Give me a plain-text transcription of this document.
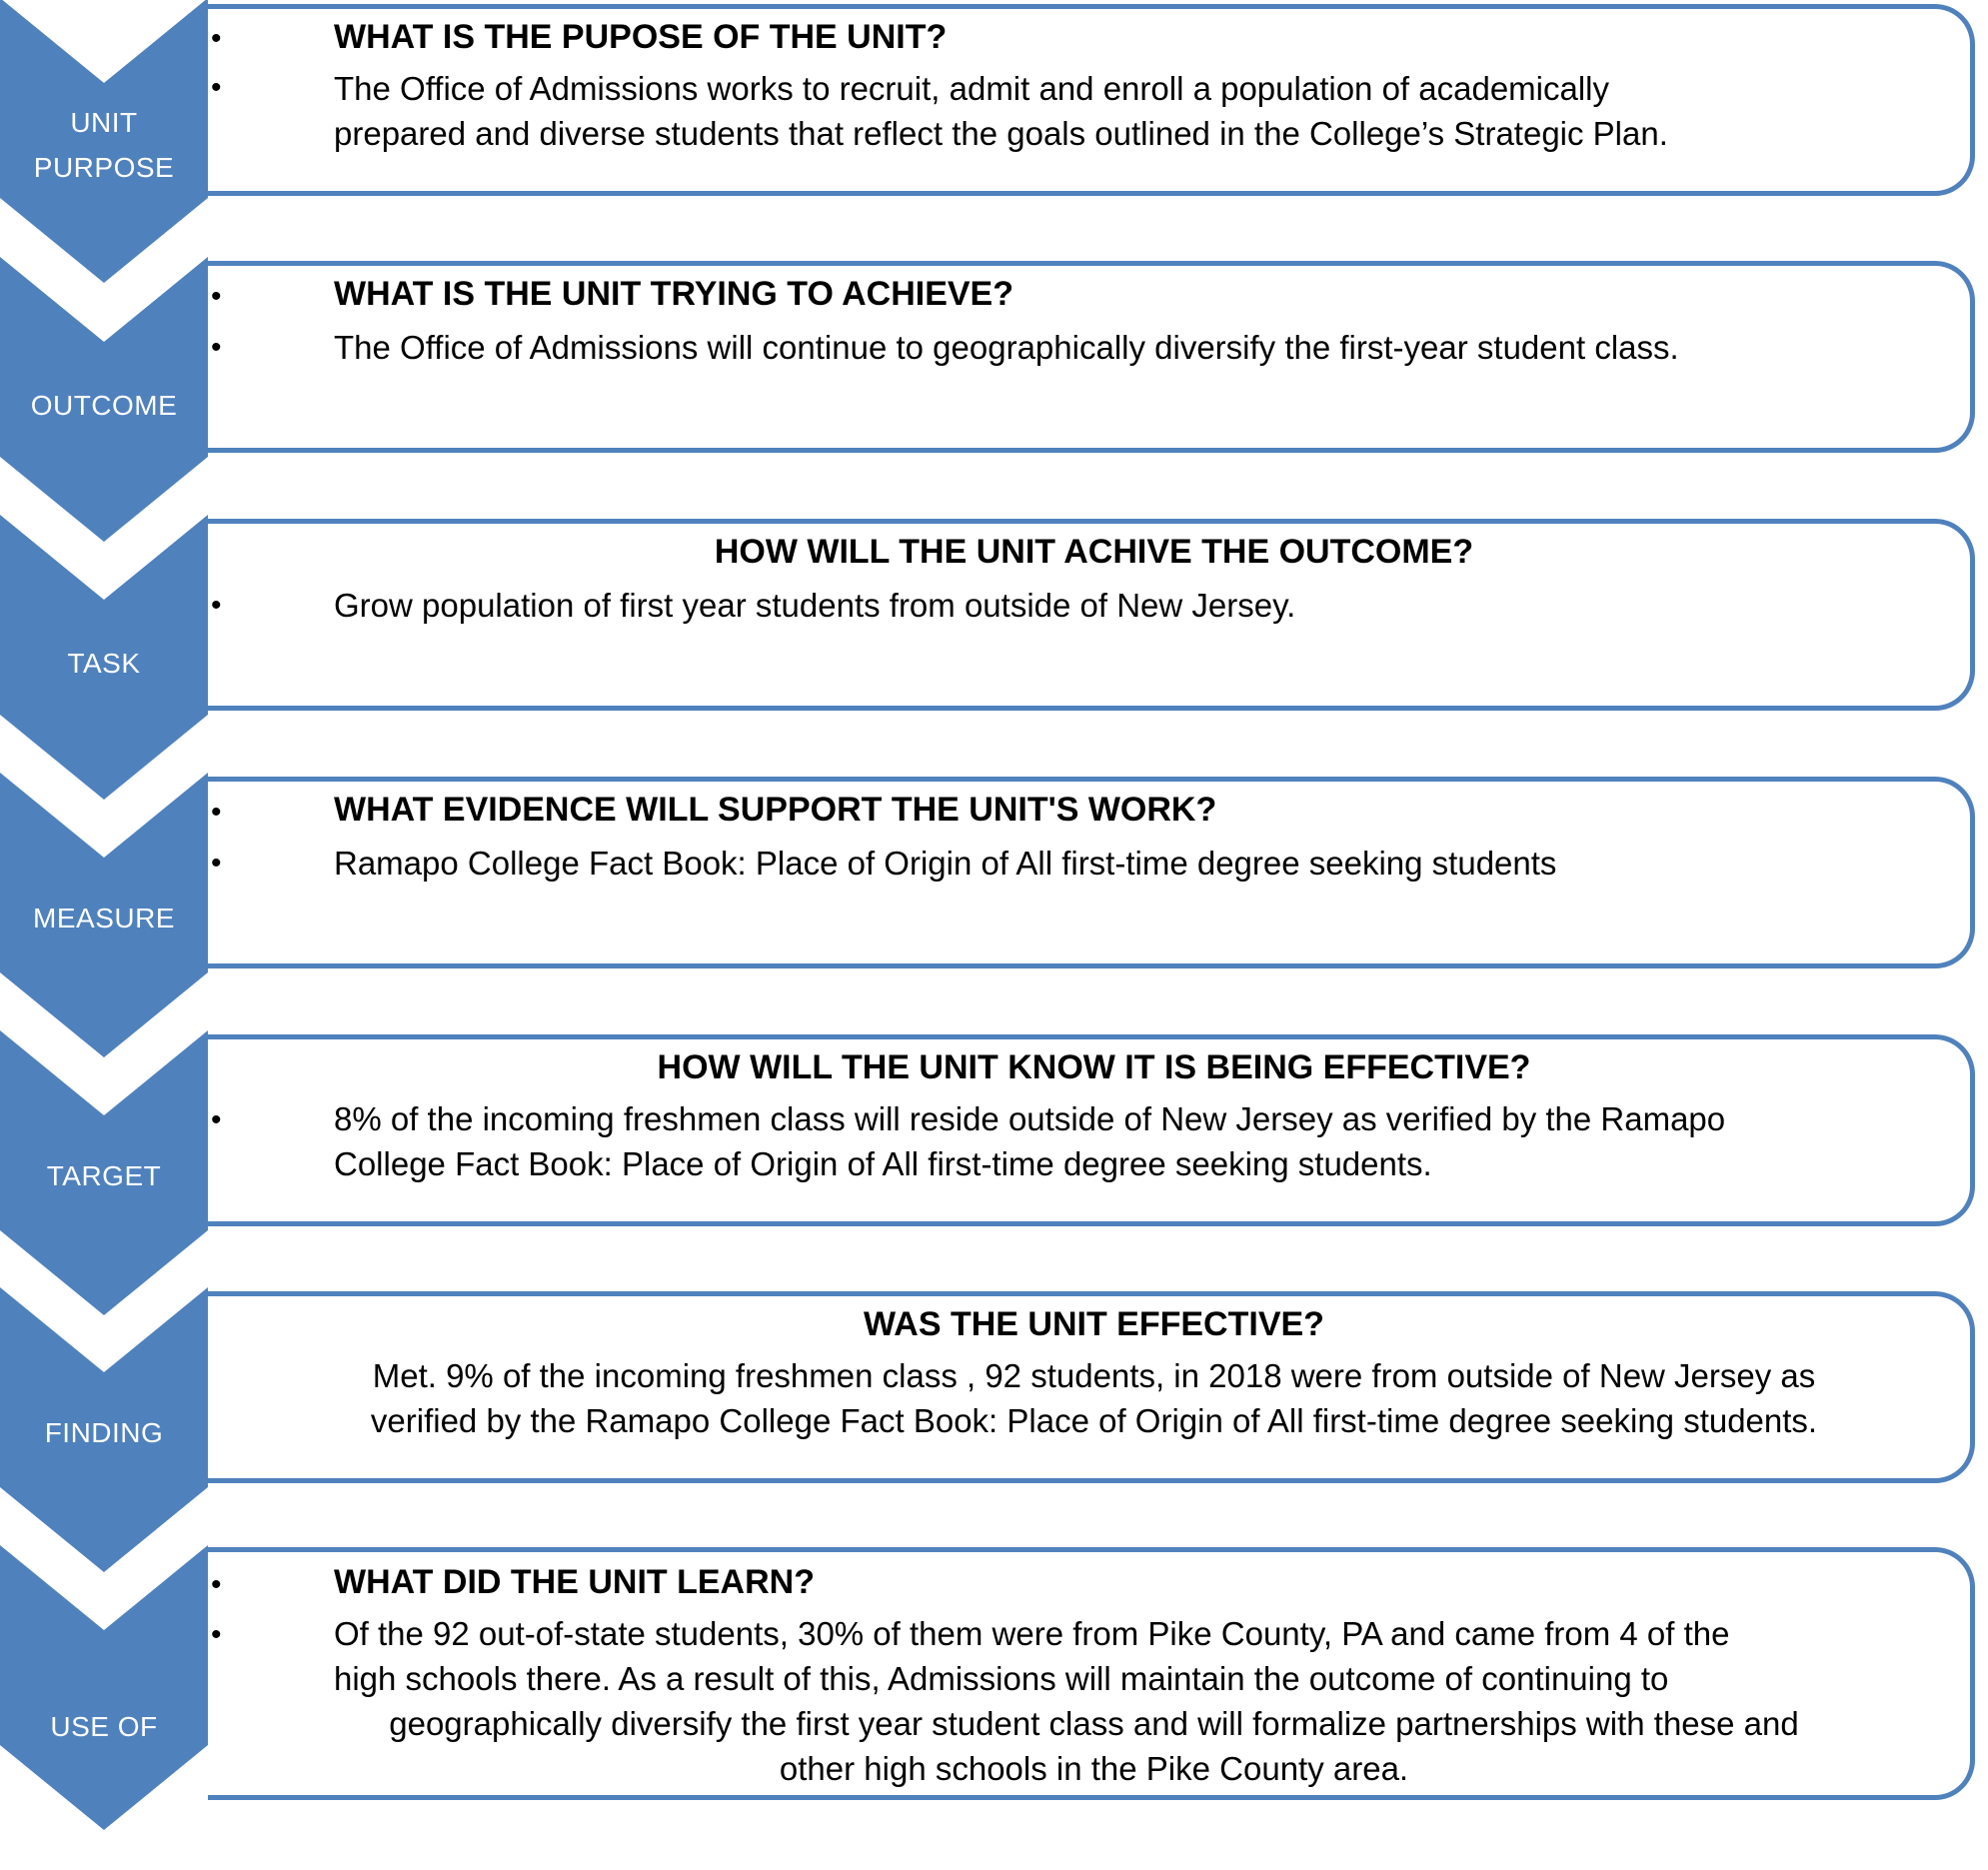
UNIT
PURPOSE
•
•
WHAT IS THE PUPOSE OF THE UNIT?
The Office of Admissions works to recruit, admit and enroll a population of academically
prepared and diverse students that reflect the goals outlined in the College’s Strategic Plan.
OUTCOME
•
•
WHAT IS THE UNIT TRYING TO ACHIEVE?
The Office of Admissions will continue to geographically diversify the first-year student class.
TASK
•
HOW WILL THE UNIT ACHIVE THE OUTCOME?
Grow population of first year students from outside of New Jersey.
MEASURE
•
•
WHAT EVIDENCE WILL SUPPORT THE UNIT'S WORK?
Ramapo College Fact Book: Place of Origin of All first-time degree seeking students
TARGET
•
HOW WILL THE UNIT KNOW IT IS BEING EFFECTIVE?
8% of the incoming freshmen class will reside outside of New Jersey as verified by the Ramapo
College Fact Book: Place of Origin of All first-time degree seeking students.
FINDING
WAS THE UNIT EFFECTIVE?
Met. 9% of the incoming freshmen class , 92 students, in 2018 were from outside of New Jersey as
verified by the Ramapo College Fact Book: Place of Origin of All first-time degree seeking students.
USE OF
•
•
WHAT DID THE UNIT LEARN?
Of the 92 out-of-state students, 30% of them were from Pike County, PA and came from 4 of the
high schools there. As a result of this, Admissions will maintain the outcome of continuing to
geographically diversify the first year student class and will formalize partnerships with these and
other high schools in the Pike County area.
